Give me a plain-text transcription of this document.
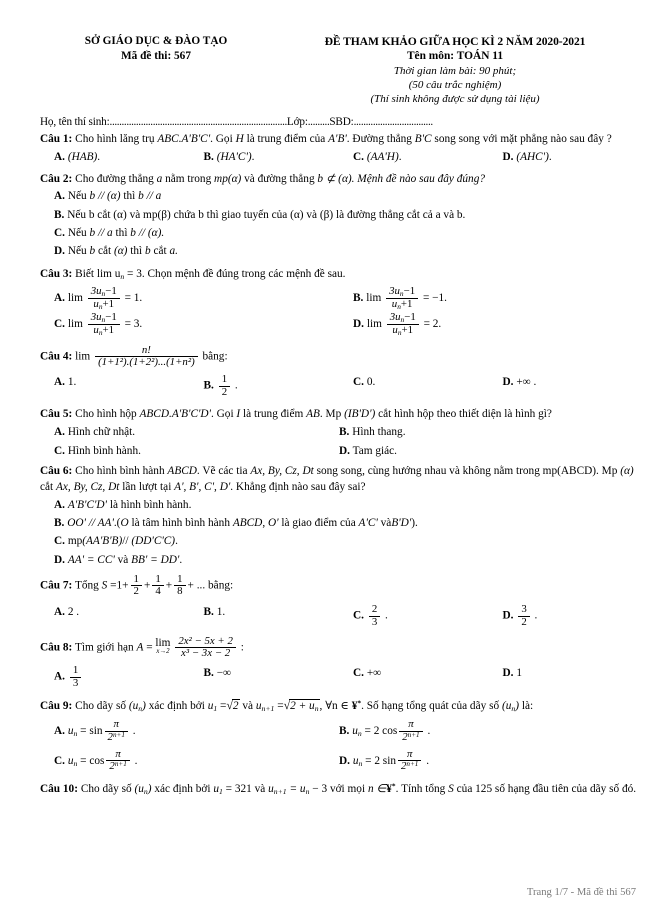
SỞ GIÁO DỤC & ĐÀO TẠO
Mã đề thi: 567
ĐỀ THAM KHẢO GIỮA HỌC KÌ 2 NĂM 2020-2021
Tên môn: TOÁN 11
Thời gian làm bài: 90 phút;
(50 câu trắc nghiệm)
(Thí sinh không được sử dụng tài liệu)
Họ, tên thí sinh:..........................................................................Lớp:.........SBD:.................................
Câu 1: Cho hình lăng trụ ABC.A'B'C'. Gọi H là trung điểm của A'B'. Đường thẳng B'C song song với mặt phẳng nào sau đây ?
A. (HAB).	B. (HA'C').	C. (AA'H).	D. (AHC').
Câu 2: Cho đường thẳng a nằm trong mp(α) và đường thẳng b ⊄ (α). Mệnh đề nào sau đây đúng?
A. Nếu b // (α) thì b // a
B. Nếu b cắt (α) và mp(β) chứa b thì giao tuyến của (α) và (β) là đường thẳng cắt cả a và b.
C. Nếu b // a thì b // (α).
D. Nếu b cắt (α) thì b cắt a.
Câu 3: Biết $\lim u_n = 3$. Chọn mệnh đề đúng trong các mệnh đề sau.
A. $\lim \frac{3u_n-1}{u_n+1} = 1$.	B. $\lim \frac{3u_n-1}{u_n+1} = -1$.
C. $\lim \frac{3u_n-1}{u_n+1} = 3$.	D. $\lim \frac{3u_n-1}{u_n+1} = 2$.
Câu 4: $\lim \frac{n!}{\text{(1+1²).(1+2²)...(1+n²)}}$ bằng:
A. 1.	B. $\frac{1}{2}$ .	C. 0.	D. +∞ .
Câu 5: Cho hình hộp ABCD.A'B'C'D'. Gọi I là trung điểm AB. Mp (IB'D') cắt hình hộp theo thiết diện là hình gì?
A. Hình chữ nhật.	B. Hình thang.
C. Hình bình hành.	D. Tam giác.
Câu 6: Cho hình bình hành ABCD. Vẽ các tia Ax, By, Cz, Dt song song, cùng hướng nhau và không nằm trong mp(ABCD). Mp (α) cắt Ax, By, Cz, Dt lần lượt tại A', B', C', D'. Khẳng định nào sau đây sai?
A. A'B'C'D' là hình bình hành.
B. OO' // AA'.(O là tâm hình bình hành ABCD, O' là giao điểm của A'C' vàB'D').
C. mp(AA'B'B)// (DD'C'C).
D. AA' = CC' và BB' = DD'.
Câu 7: Tổng $S =1+ \frac{1}{2} + \frac{1}{4} + \frac{1}{8}$ + ... bằng:
A. 2 .	B. 1.	C. $\frac{2}{3}$ .	D. $\frac{3}{2}$ .
Câu 8: Tìm giới hạn A = lim
x→2
$\frac{\text{2x² − 5x + 2}}{\text{x³ − 3x − 2}}$ :
A. $\frac{1}{3}$	B. −∞	C. +∞	D. 1
Câu 9: Cho dãy số $(u_n)$ xác định bởi $u_1 =√2$ và $u_{n+1} =√2 + u_n$, ∀n ∈ ¥*. Số hạng tổng quát của dãy số $(u_n)$ là:
A. $u_n = \sin \frac{\pi}{2^{n+1}}$ .	B. $u_n = 2$ $\cos \frac{\pi}{2^{n+1}}$ .
C. $u_n = \cos \frac{\pi}{2^{n+1}}$ .	D. $u_n = 2$ $\sin \frac{\pi}{2^{n+1}}$ .
Câu 10: Cho dãy số $(u_n)$ xác định bởi $u_1 = 321$ và $u_{n+1} = u_n - 3$ với mọi n ∈¥*. Tính tổng S của 125 số hạng đầu tiên của dãy số đó.
Trang 1/7 - Mã đề thi 567
